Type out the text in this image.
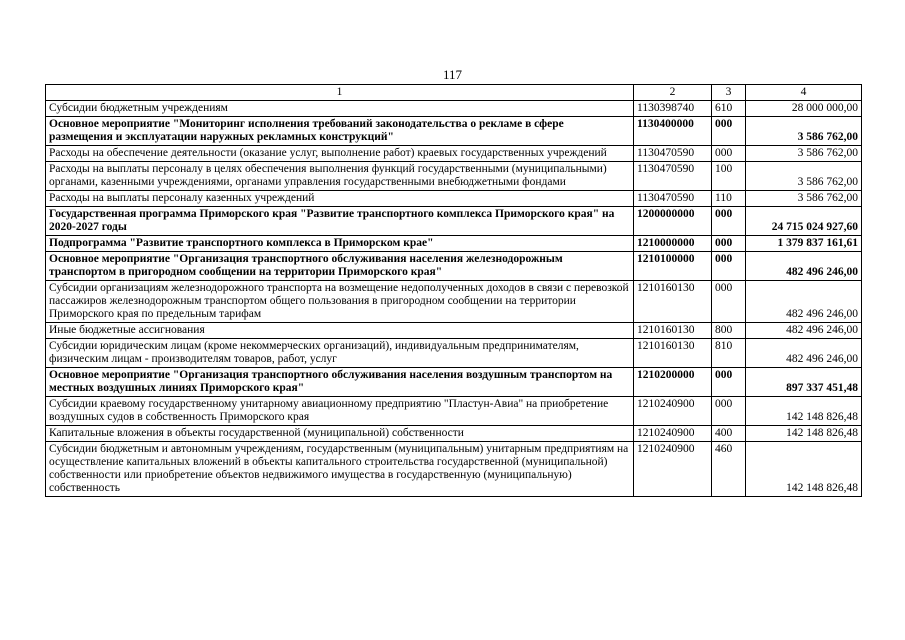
117
1	2	3	4
Субсидии бюджетным учреждениям	1130398740	610	28 000 000,00
Основное мероприятие "Мониторинг исполнения требований законодательства о рекламе в сфере размещения и эксплуатации наружных рекламных конструкций"	1130400000	000	3 586 762,00
Расходы на обеспечение деятельности (оказание услуг, выполнение работ) краевых государственных учреждений	1130470590	000	3 586 762,00
Расходы на выплаты персоналу в целях обеспечения выполнения функций государственными (муниципальными) органами, казенными учреждениями, органами управления государственными внебюджетными фондами	1130470590	100	3 586 762,00
Расходы на выплаты персоналу казенных учреждений	1130470590	110	3 586 762,00
Государственная программа Приморского края "Развитие транспортного комплекса Приморского края" на 2020-2027 годы	1200000000	000	24 715 024 927,60
Подпрограмма "Развитие транспортного комплекса в Приморском крае"	1210000000	000	1 379 837 161,61
Основное мероприятие "Организация транспортного обслуживания населения железнодорожным транспортом в пригородном сообщении на территории Приморского края"	1210100000	000	482 496 246,00
Субсидии организациям железнодорожного транспорта на возмещение недополученных доходов в связи с перевозкой пассажиров железнодорожным транспортом общего пользования в пригородном сообщении на территории Приморского края по предельным тарифам	1210160130	000	482 496 246,00
Иные бюджетные ассигнования	1210160130	800	482 496 246,00
Субсидии юридическим лицам (кроме некоммерческих организаций), индивидуальным предпринимателям, физическим лицам - производителям товаров, работ, услуг	1210160130	810	482 496 246,00
Основное мероприятие "Организация транспортного обслуживания населения воздушным транспортом на местных воздушных линиях Приморского края"	1210200000	000	897 337 451,48
Субсидии краевому государственному унитарному авиационному предприятию "Пластун-Авиа" на приобретение воздушных судов в собственность Приморского края	1210240900	000	142 148 826,48
Капитальные вложения в объекты государственной (муниципальной) собственности	1210240900	400	142 148 826,48
Субсидии бюджетным и автономным учреждениям, государственным (муниципальным) унитарным предприятиям на осуществление капитальных вложений в объекты капитального строительства государственной (муниципальной) собственности или приобретение объектов недвижимого имущества в государственную (муниципальную) собственность	1210240900	460	142 148 826,48
